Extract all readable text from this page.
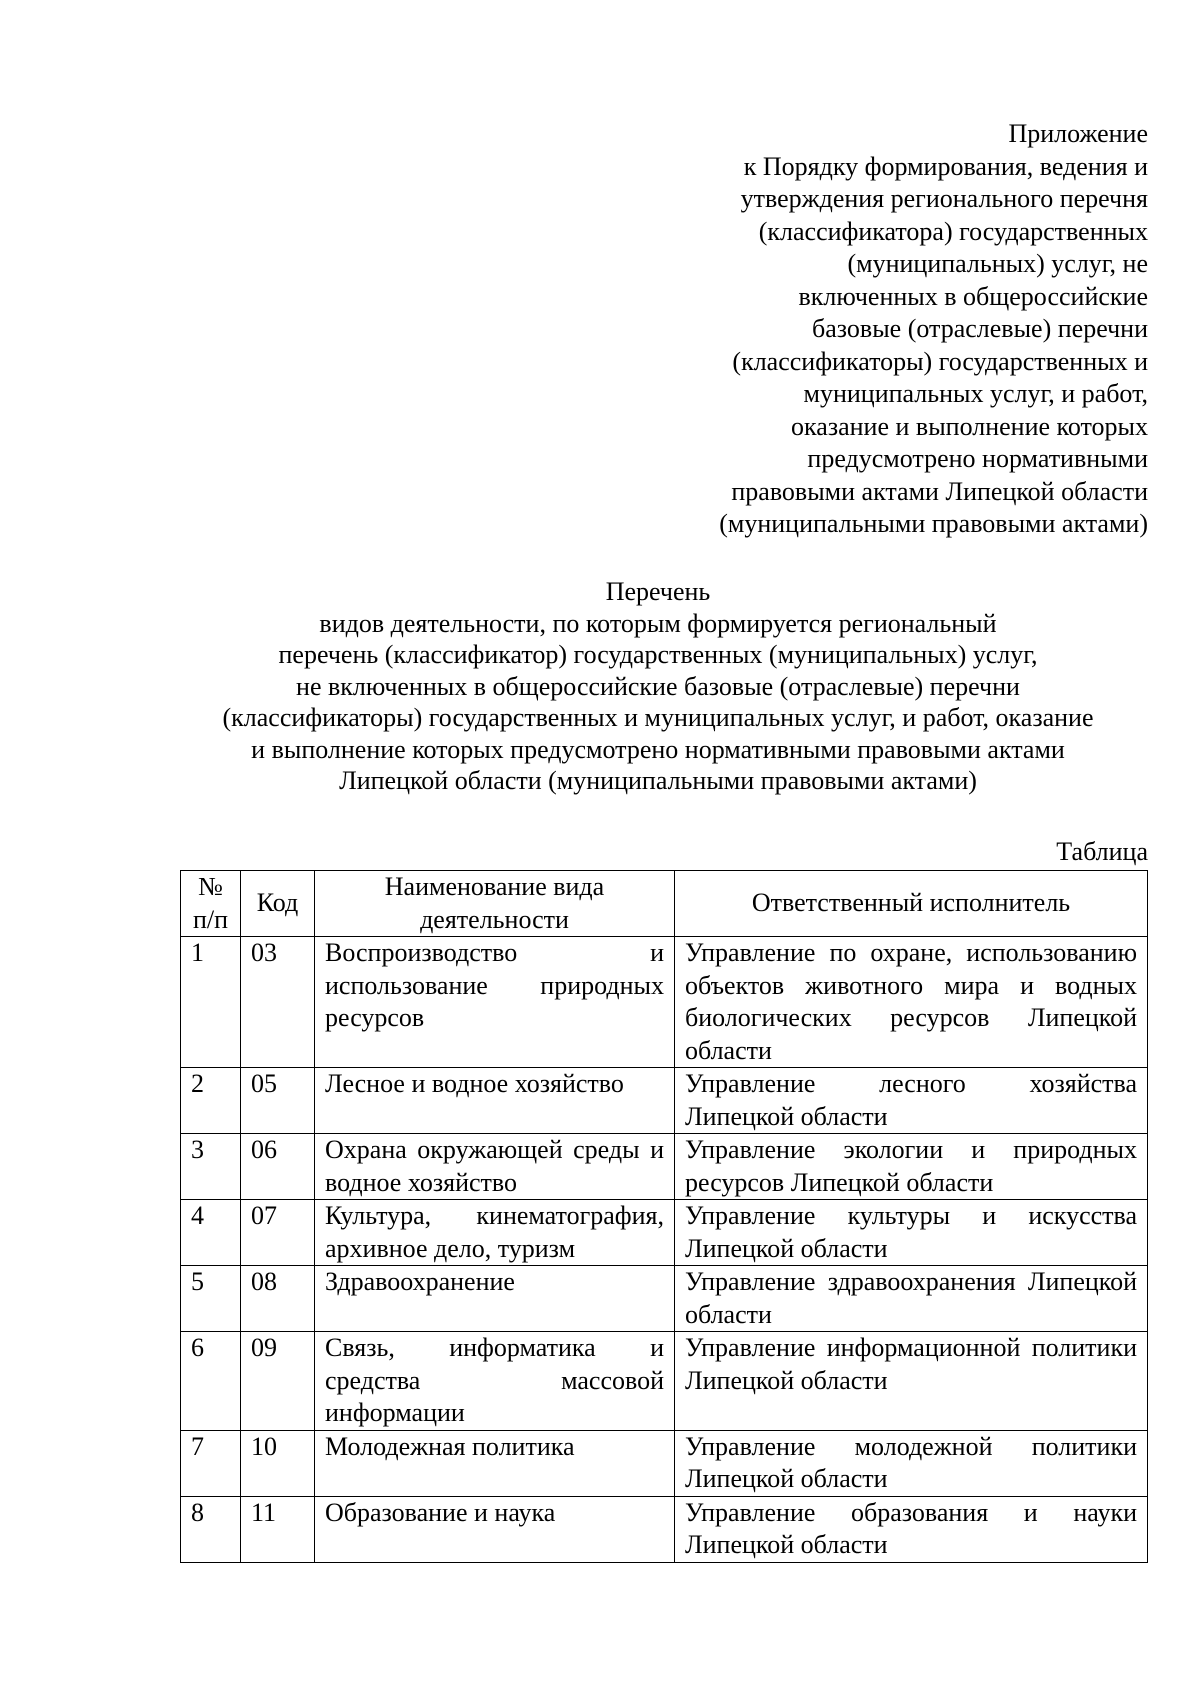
Приложение
к Порядку формирования, ведения и
утверждения регионального перечня
(классификатора) государственных
(муниципальных) услуг, не
включенных в общероссийские
базовые (отраслевые) перечни
(классификаторы) государственных и
муниципальных услуг, и работ,
оказание и выполнение которых
предусмотрено нормативными
правовыми актами Липецкой области
(муниципальными правовыми актами)
Перечень
видов деятельности, по которым формируется региональный
перечень (классификатор) государственных (муниципальных) услуг,
не включенных в общероссийские базовые (отраслевые) перечни
(классификаторы) государственных и муниципальных услуг, и работ, оказание
и выполнение которых предусмотрено нормативными правовыми актами
Липецкой области (муниципальными правовыми актами)
Таблица
№ п/п	Код	Наименование вида деятельности	Ответственный исполнитель
1	03	Воспроизводство и использование природных ресурсов	Управление по охране, использованию объектов животного мира и водных биологических ресурсов Липецкой области
2	05	Лесное и водное хозяйство	Управление лесного хозяйства Липецкой области
3	06	Охрана окружающей среды и водное хозяйство	Управление экологии и природных ресурсов Липецкой области
4	07	Культура, кинематография, архивное дело, туризм	Управление культуры и искусства Липецкой области
5	08	Здравоохранение	Управление здравоохранения Липецкой области
6	09	Связь, информатика и средства массовой информации	Управление информационной политики Липецкой области
7	10	Молодежная политика	Управление молодежной политики Липецкой области
8	11	Образование и наука	Управление образования и науки Липецкой области
